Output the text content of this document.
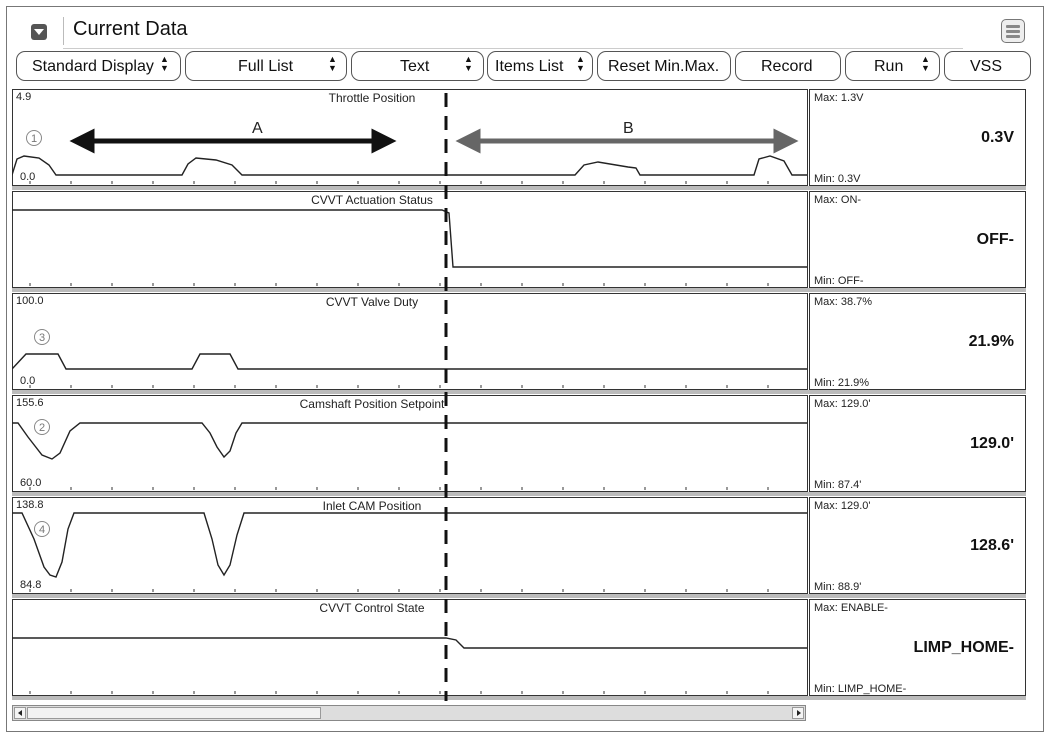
Current Data
Standard Display ▲
▼	Full List	▲
▼	Text	▲
▼ Items List ▲
▼ Reset Min.Max.	Record	Run ▲
▼	VSS
Throttle Position
4.9
0.0
1
Max: 1.3V
0.3V
Min: 0.3V
CVVT Actuation Status	Max: ON-
OFF-
Min: OFF-
CVVT Valve Duty
100.0
0.0
3
Max: 38.7%
21.9%
Min: 21.9%
Camshaft Position Setpoint
155.6
60.0
2
Max: 129.0'
129.0'
Min: 87.4'
Inlet CAM Position
138.8
84.8
4
Max: 129.0'
128.6'
Min: 88.9'
CVVT Control State	Max: ENABLE-
LIMP_HOME-
Min: LIMP_HOME-
A	B
